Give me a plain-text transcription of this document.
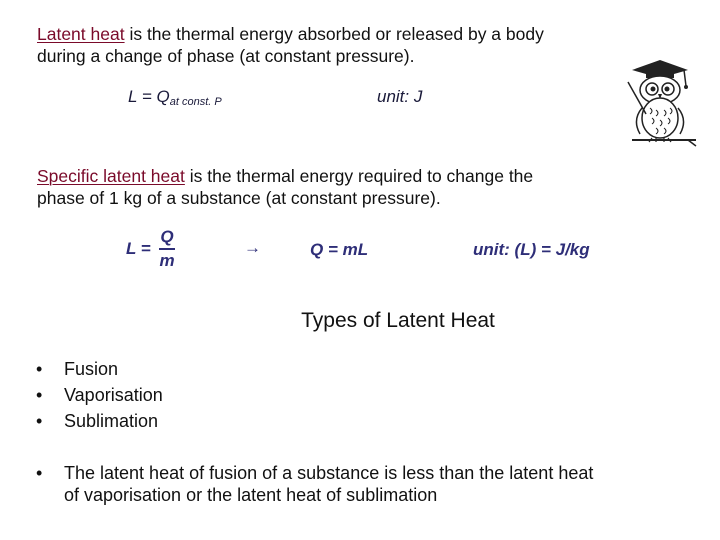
Latent heat is the thermal energy absorbed or released by a body
during a change of phase (at constant pressure).
$L = Q_{at const. P}$	unit: J
Specific latent heat is the thermal energy required to change the
phase of 1 kg of a substance (at constant pressure).
$L = \frac{Q}{m}$	→	Q = mL	unit: (L) = J/kg
Types of Latent Heat
• Fusion
• Vaporisation
• Sublimation
• The latent heat of fusion of a substance is less than the latent heat
of vaporisation or the latent heat of sublimation
